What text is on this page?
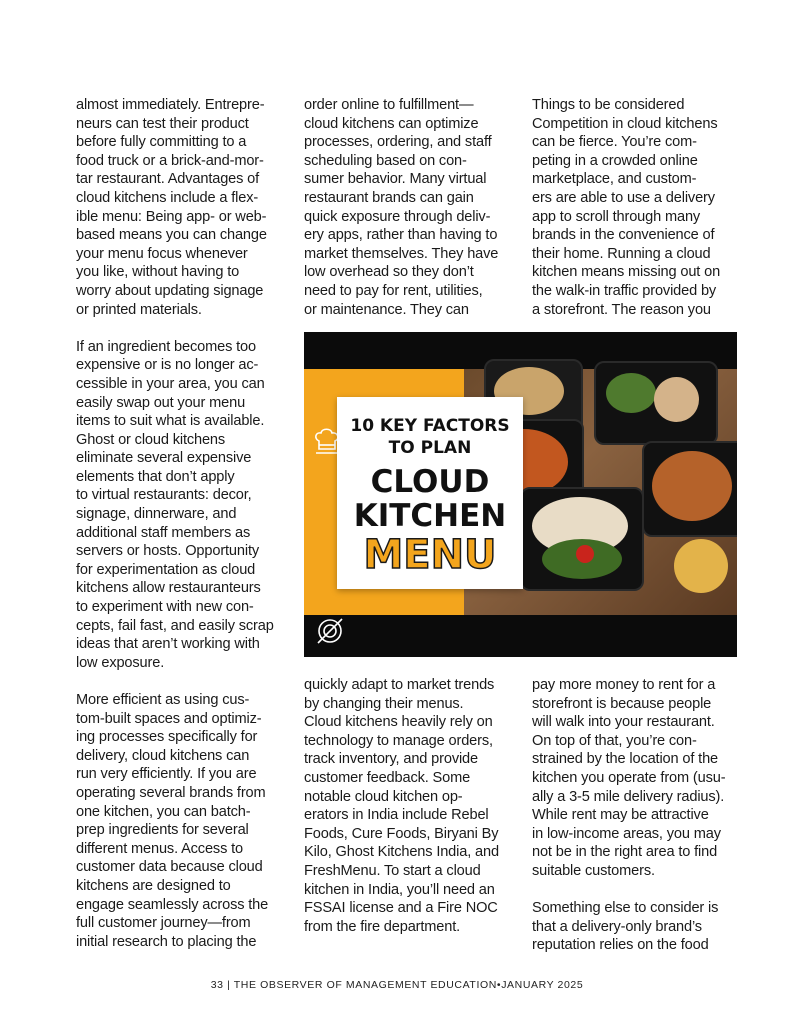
almost immediately. Entrepre-
neurs can test their product
before fully committing to a
food truck or a brick-and-mor-
tar restaurant. Advantages of
cloud kitchens include a flex-
ible menu: Being app- or web-
based means you can change
your menu focus whenever
you like, without having to
worry about updating signage
or printed materials.

If an ingredient becomes too
expensive or is no longer ac-
cessible in your area, you can
easily swap out your menu
items to suit what is available.
Ghost or cloud kitchens
eliminate several expensive
elements that don’t apply
to virtual restaurants: decor,
signage, dinnerware, and
additional staff members as
servers or hosts. Opportunity
for experimentation as cloud
kitchens allow restauranteurs
to experiment with new con-
cepts, fail fast, and easily scrap
ideas that aren’t working with
low exposure.

More efficient as using cus-
tom-built spaces and optimiz-
ing processes specifically for
delivery, cloud kitchens can
run very efficiently. If you are
operating several brands from
one kitchen, you can batch-
prep ingredients for several
different menus. Access to
customer data because cloud
kitchens are designed to
engage seamlessly across the
full customer journey—from
initial research to placing the

order online to fulfillment—
cloud kitchens can optimize
processes, ordering, and staff
scheduling based on con-
sumer behavior. Many virtual
restaurant brands can gain
quick exposure through deliv-
ery apps, rather than having to
market themselves. They have
low overhead so they don’t
need to pay for rent, utilities,
or maintenance. They can

Things to be considered
Competition in cloud kitchens
can be fierce. You’re com-
peting in a crowded online
marketplace, and custom-
ers are able to use a delivery
app to scroll through many
brands in the convenience of
their home. Running a cloud
kitchen means missing out on
the walk-in traffic provided by
a storefront. The reason you

10 KEY FACTORS
TO PLAN
CLOUD
KITCHEN
MENU

quickly adapt to market trends
by changing their menus.
Cloud kitchens heavily rely on
technology to manage orders,
track inventory, and provide
customer feedback. Some
notable cloud kitchen op-
erators in India include Rebel
Foods, Cure Foods, Biryani By
Kilo, Ghost Kitchens India, and
FreshMenu. To start a cloud
kitchen in India, you’ll need an
FSSAI license and a Fire NOC
from the fire department.

pay more money to rent for a
storefront is because people
will walk into your restaurant.
On top of that, you’re con-
strained by the location of the
kitchen you operate from (usu-
ally a 3-5 mile delivery radius).
While rent may be attractive
in low-income areas, you may
not be in the right area to find
suitable customers.

Something else to consider is
that a delivery-only brand’s
reputation relies on the food

33 | THE OBSERVER OF MANAGEMENT EDUCATION•JANUARY 2025
